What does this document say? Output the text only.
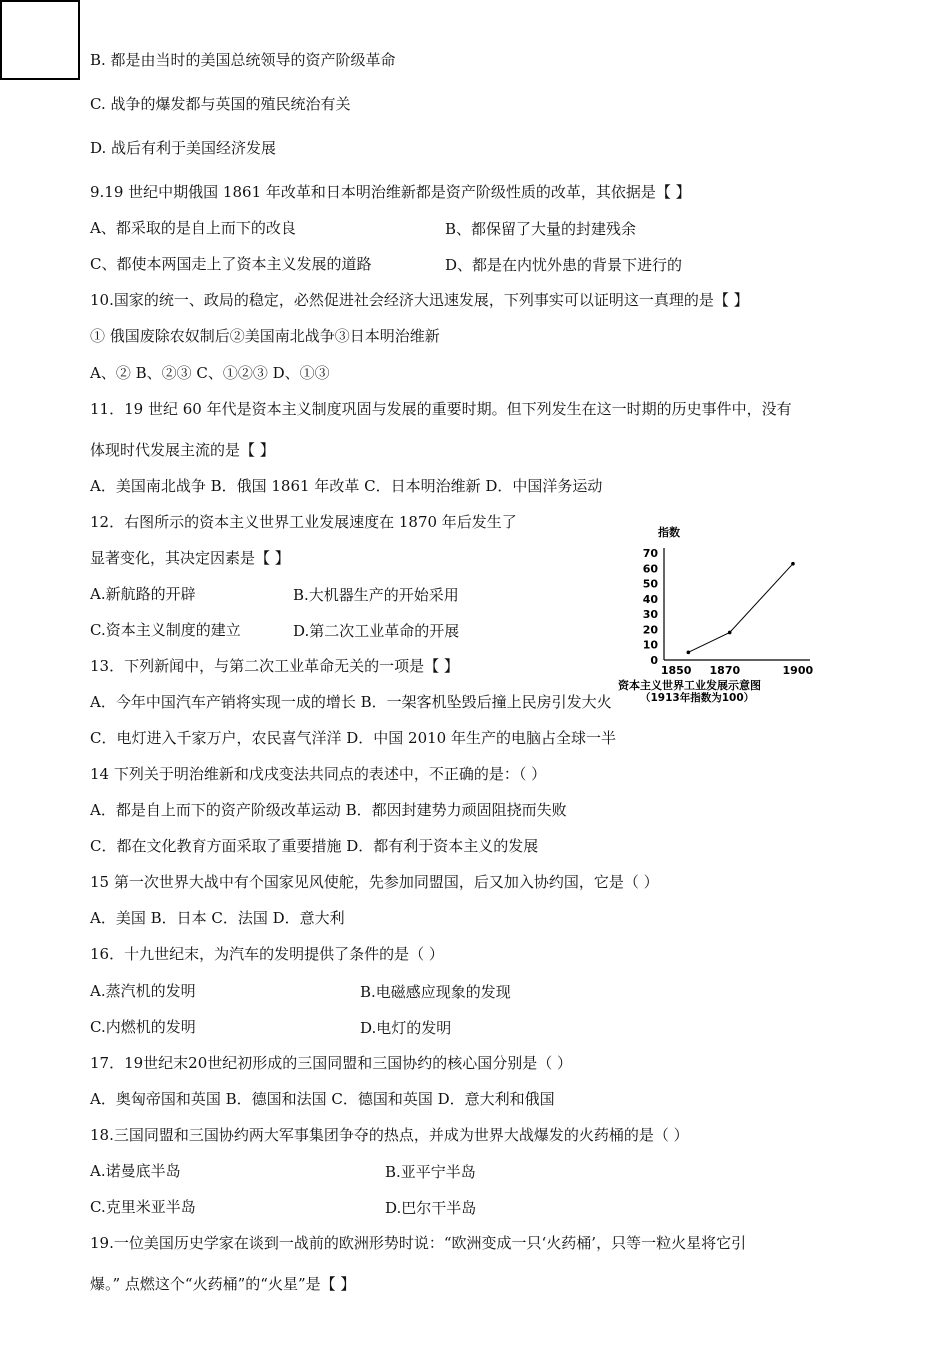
B. 都是由当时的美国总统领导的资产阶级革命
C. 战争的爆发都与英国的殖民统治有关
D. 战后有利于美国经济发展
9.19 世纪中期俄国 1861 年改革和日本明治维新都是资产阶级性质的改革，其依据是【 】
A、都采取的是自上而下的改良	B、都保留了大量的封建残余
C、都使本两国走上了资本主义发展的道路	D、都是在内忧外患的背景下进行的
10.国家的统一、政局的稳定，必然促进社会经济大迅速发展，下列事实可以证明这一真理的是【 】
① 俄国废除农奴制后②美国南北战争③日本明治维新
A、② B、②③ C、①②③ D、①③
11．19 世纪 60 年代是资本主义制度巩固与发展的重要时期。但下列发生在这一时期的历史事件中，没有
体现时代发展主流的是【 】
A．美国南北战争 B．俄国 1861 年改革 C．日本明治维新 D．中国洋务运动
12．右图所示的资本主义世界工业发展速度在 1870 年后发生了
显著变化，其决定因素是【 】
A.新航路的开辟	B.大机器生产的开始采用
C.资本主义制度的建立	D.第二次工业革命的开展
13．下列新闻中，与第二次工业革命无关的一项是【 】
A．今年中国汽车产销将实现一成的增长 B．一架客机坠毁后撞上民房引发大火
C．电灯进入千家万户，农民喜气洋洋 D．中国 2010 年生产的电脑占全球一半
14 下列关于明治维新和戊戌变法共同点的表述中，不正确的是：（ ）
A．都是自上而下的资产阶级改革运动 B．都因封建势力顽固阻挠而失败
C．都在文化教育方面采取了重要措施 D．都有利于资本主义的发展
15 第一次世界大战中有个国家见风使舵，先参加同盟国，后又加入协约国，它是（ ）
A．美国 B．日本 C．法国 D．意大利
16．十九世纪末，为汽车的发明提供了条件的是（ ）
A.蒸汽机的发明	B.电磁感应现象的发现
C.内燃机的发明	D.电灯的发明
17．19世纪末20世纪初形成的三国同盟和三国协约的核心国分别是（ ）
A．奥匈帝国和英国 B．德国和法国 C．德国和英国 D．意大利和俄国
18.三国同盟和三国协约两大军事集团争夺的热点，并成为世界大战爆发的火药桶的是（ ）
A.诺曼底半岛	B.亚平宁半岛
C.克里米亚半岛	D.巴尔干半岛
19.一位美国历史学家在谈到一战前的欧洲形势时说：“欧洲变成一只‘火药桶’，只等一粒火星将它引
爆。” 点燃这个“火药桶”的“火星”是【 】
指数
70
60
50
40
30
20
10
0
1850 1870	1900
资本主义世界工业发展示意图
（1913年指数为100）
